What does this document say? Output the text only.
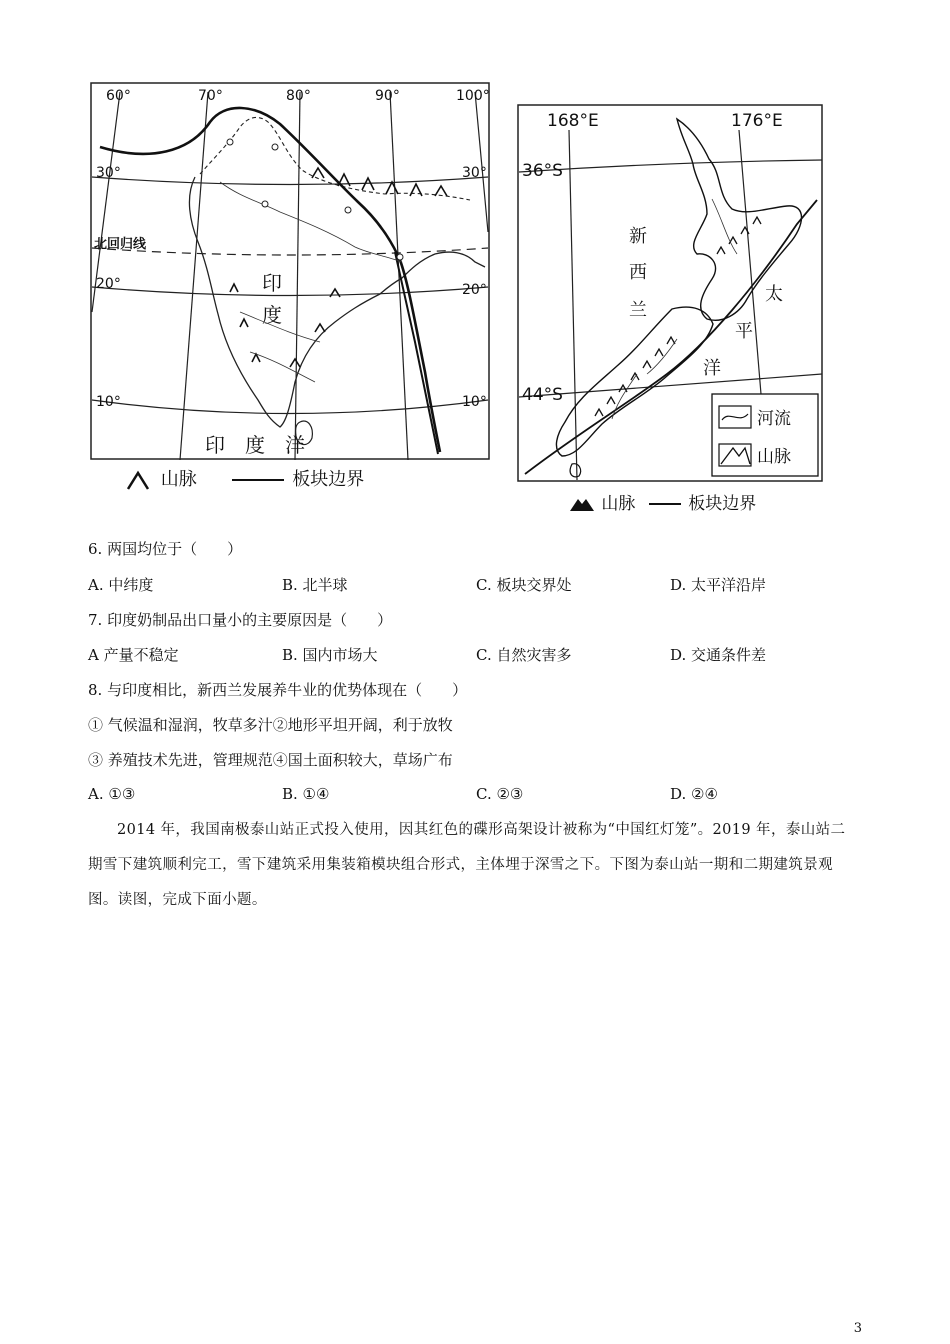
60°	70°	80°	90°	100°
30°
20°
10°
30°
20°
10°
北回归线
印
度
印　度　洋
山脉	板块边界
168°E	176°E
36°S
44°S
新
西
兰
太
平
洋
河流
山脉
山脉	板块边界
6. 两国均位于（　　）
A. 中纬度	B. 北半球	C. 板块交界处	D. 太平洋沿岸
7. 印度奶制品出口量小的主要原因是（　　）
A 产量不稳定	B. 国内市场大	C. 自然灾害多	D. 交通条件差
8. 与印度相比，新西兰发展养牛业的优势体现在（　　）
① 气候温和湿润，牧草多汁②地形平坦开阔，利于放牧
③ 养殖技术先进，管理规范④国土面积较大，草场广布
A. ①③	B. ①④	C. ②③	D. ②④
2014 年，我国南极泰山站正式投入使用，因其红色的碟形高架设计被称为“中国红灯笼”。2019 年，泰山站二期雪下建筑顺利完工，雪下建筑采用集装箱模块组合形式，主体埋于深雪之下。下图为泰山站一期和二期建筑景观图。读图，完成下面小题。
3
